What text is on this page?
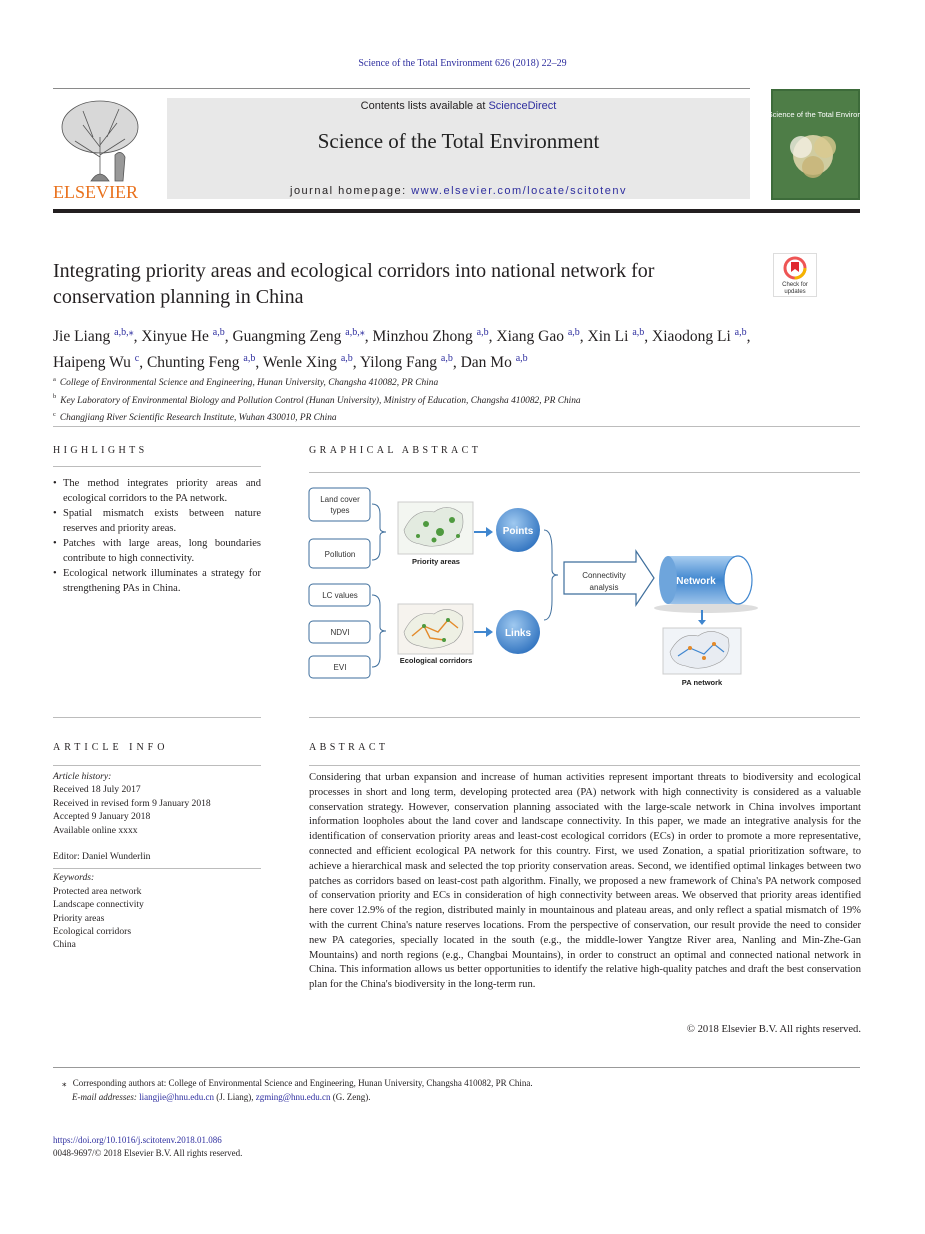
Science of the Total Environment 626 (2018) 22–29
ELSEVIER
Contents lists available at ScienceDirect
Science of the Total Environment
journal homepage: www.elsevier.com/locate/scitotenv
Science of the Total Environment
Integrating priority areas and ecological corridors into national network for conservation planning in China
Check for
updates
Jie Liang $^{a,b,⁎}$, Xinyue He $^{a,b}$, Guangming Zeng $^{a,b,⁎}$, Minzhou Zhong $^{a,b}$, Xiang Gao $^{a,b}$, Xin Li $^{a,b}$, Xiaodong Li $^{a,b}$,
Haipeng Wu $^c$, Chunting Feng $^{a,b}$, Wenle Xing $^{a,b}$, Yilong Fang $^{a,b}$, Dan Mo $^{a,b}$
$^a$ College of Environmental Science and Engineering, Hunan University, Changsha 410082, PR China
$^b$ Key Laboratory of Environmental Biology and Pollution Control (Hunan University), Ministry of Education, Changsha 410082, PR China
$^c$ Changjiang River Scientific Research Institute, Wuhan 430010, PR China
HIGHLIGHTS
• The method integrates priority areas and ecological corridors to the PA network.
• Spatial mismatch exists between nature reserves and priority areas.
• Patches with large areas, long boundaries contribute to high connectivity.
• Ecological network illuminates a strategy for strengthening PAs in China.
GRAPHICAL ABSTRACT
Land cover
types
Pollution
LC values
NDVI
EVI
Priority areas
Ecological corridors
Points
Links
Connectivity
analysis
Network
PA network
ARTICLE INFO
Article history:
Received 18 July 2017
Received in revised form 9 January 2018
Accepted 9 January 2018
Available online xxxx
Editor: Daniel Wunderlin
Keywords:
Protected area network
Landscape connectivity
Priority areas
Ecological corridors
China
ABSTRACT
Considering that urban expansion and increase of human activities represent important threats to biodiversity and ecological processes in short and long term, developing protected area (PA) network with high connectivity is considered as a valuable conservation strategy. However, conservation planning associated with the large-scale network in China involves important information loopholes about the land cover and landscape connectivity. In this paper, we made an integrative analysis for the identification of conservation priority areas and least-cost ecological corridors (ECs) in order to promote a more representative, connected and efficient ecological PA network for this country. First, we used Zonation, a spatial prioritization software, to achieve a hierarchical mask and selected the top priority conservation areas. Second, we identified optimal linkages between two patches as corridors based on least-cost path algorithm. Finally, we proposed a new framework of China's PA network composed of conservation priority and ECs in consideration of high connectivity between areas. We observed that priority areas identified here cover 12.9% of the region, distributed mainly in mountainous and plateau areas, and only reflect a spatial mismatch of 19% with the current China's nature reserves locations. From the perspective of conservation, our result provide the need to consider new PA categories, specially located in the south (e.g., the middle-lower Yangtze River area, Nanling and Min-Zhe-Gan Mountains) and north regions (e.g., Changbai Mountains), in order to construct an optimal and connected national network in China. This information allows us better opportunities to identify the relative high-quality patches and draft the best conservation plan for the China's biodiversity in the long-term run.
© 2018 Elsevier B.V. All rights reserved.
⁎ Corresponding authors at: College of Environmental Science and Engineering, Hunan University, Changsha 410082, PR China.
E-mail addresses: liangjie@hnu.edu.cn (J. Liang), zgming@hnu.edu.cn (G. Zeng).
https://doi.org/10.1016/j.scitotenv.2018.01.086
0048-9697/© 2018 Elsevier B.V. All rights reserved.
